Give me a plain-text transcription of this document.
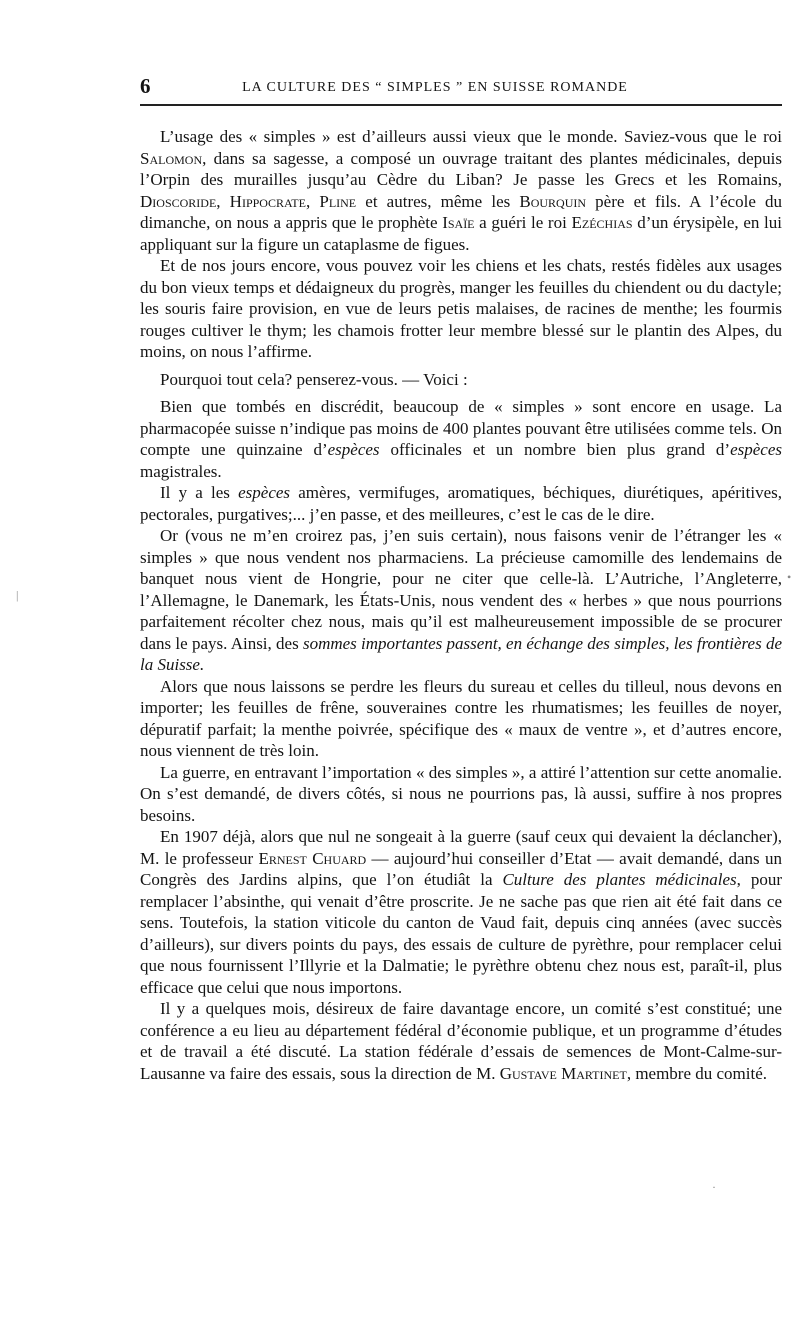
6	LA CULTURE DES “ SIMPLES ” EN SUISSE ROMANDE

L’usage des « simples » est d’ailleurs aussi vieux que le monde. Saviez-vous que le roi Salomon, dans sa sagesse, a composé un ouvrage traitant des plantes médicinales, depuis l’Orpin des murailles jusqu’au Cèdre du Liban? Je passe les Grecs et les Romains, Dioscoride, Hippocrate, Pline et autres, même les Bourquin père et fils. A l’école du dimanche, on nous a appris que le prophète Isaïe a guéri le roi Ezéchias d’un érysipèle, en lui appliquant sur la figure un cataplasme de figues.

Et de nos jours encore, vous pouvez voir les chiens et les chats, restés fidèles aux usages du bon vieux temps et dédaigneux du progrès, manger les feuilles du chiendent ou du dactyle; les souris faire provision, en vue de leurs petis malaises, de racines de menthe; les fourmis rouges cultiver le thym; les chamois frotter leur membre blessé sur le plantin des Alpes, du moins, on nous l’affirme.

Pourquoi tout cela? penserez-vous. — Voici :

Bien que tombés en discrédit, beaucoup de « simples » sont encore en usage. La pharmacopée suisse n’indique pas moins de 400 plantes pouvant être utilisées comme tels. On compte une quinzaine d’espèces officinales et un nombre bien plus grand d’espèces magistrales.

Il y a les espèces amères, vermifuges, aromatiques, béchiques, diurétiques, apéritives, pectorales, purgatives;... j’en passe, et des meilleures, c’est le cas de le dire.

Or (vous ne m’en croirez pas, j’en suis certain), nous faisons venir de l’étranger les « simples » que nous vendent nos pharmaciens. La précieuse camomille des lendemains de banquet nous vient de Hongrie, pour ne citer que celle-là. L’Autriche, l’Angleterre, l’Allemagne, le Danemark, les États-Unis, nous vendent des « herbes » que nous pourrions parfaitement récolter chez nous, mais qu’il est malheureusement impossible de se procurer dans le pays. Ainsi, des sommes importantes passent, en échange des simples, les frontières de la Suisse.

Alors que nous laissons se perdre les fleurs du sureau et celles du tilleul, nous devons en importer; les feuilles de frêne, souveraines contre les rhumatismes; les feuilles de noyer, dépuratif parfait; la menthe poivrée, spécifique des « maux de ventre », et d’autres encore, nous viennent de très loin.

La guerre, en entravant l’importation « des simples », a attiré l’attention sur cette anomalie. On s’est demandé, de divers côtés, si nous ne pourrions pas, là aussi, suffire à nos propres besoins.

En 1907 déjà, alors que nul ne songeait à la guerre (sauf ceux qui devaient la déclancher), M. le professeur Ernest Chuard — aujourd’hui conseiller d’Etat — avait demandé, dans un Congrès des Jardins alpins, que l’on étudiât la Culture des plantes médicinales, pour remplacer l’absinthe, qui venait d’être proscrite. Je ne sache pas que rien ait été fait dans ce sens. Toutefois, la station viticole du canton de Vaud fait, depuis cinq années (avec succès d’ailleurs), sur divers points du pays, des essais de culture de pyrèthre, pour remplacer celui que nous fournissent l’Illyrie et la Dalmatie; le pyrèthre obtenu chez nous est, paraît-il, plus efficace que celui que nous importons.

Il y a quelques mois, désireux de faire davantage encore, un comité s’est constitué; une conférence a eu lieu au département fédéral d’économie publique, et un programme d’études et de travail a été discuté. La station fédérale d’essais de semences de Mont-Calme-sur-Lausanne va faire des essais, sous la direction de M. Gustave Martinet, membre du comité.

•
|
·
